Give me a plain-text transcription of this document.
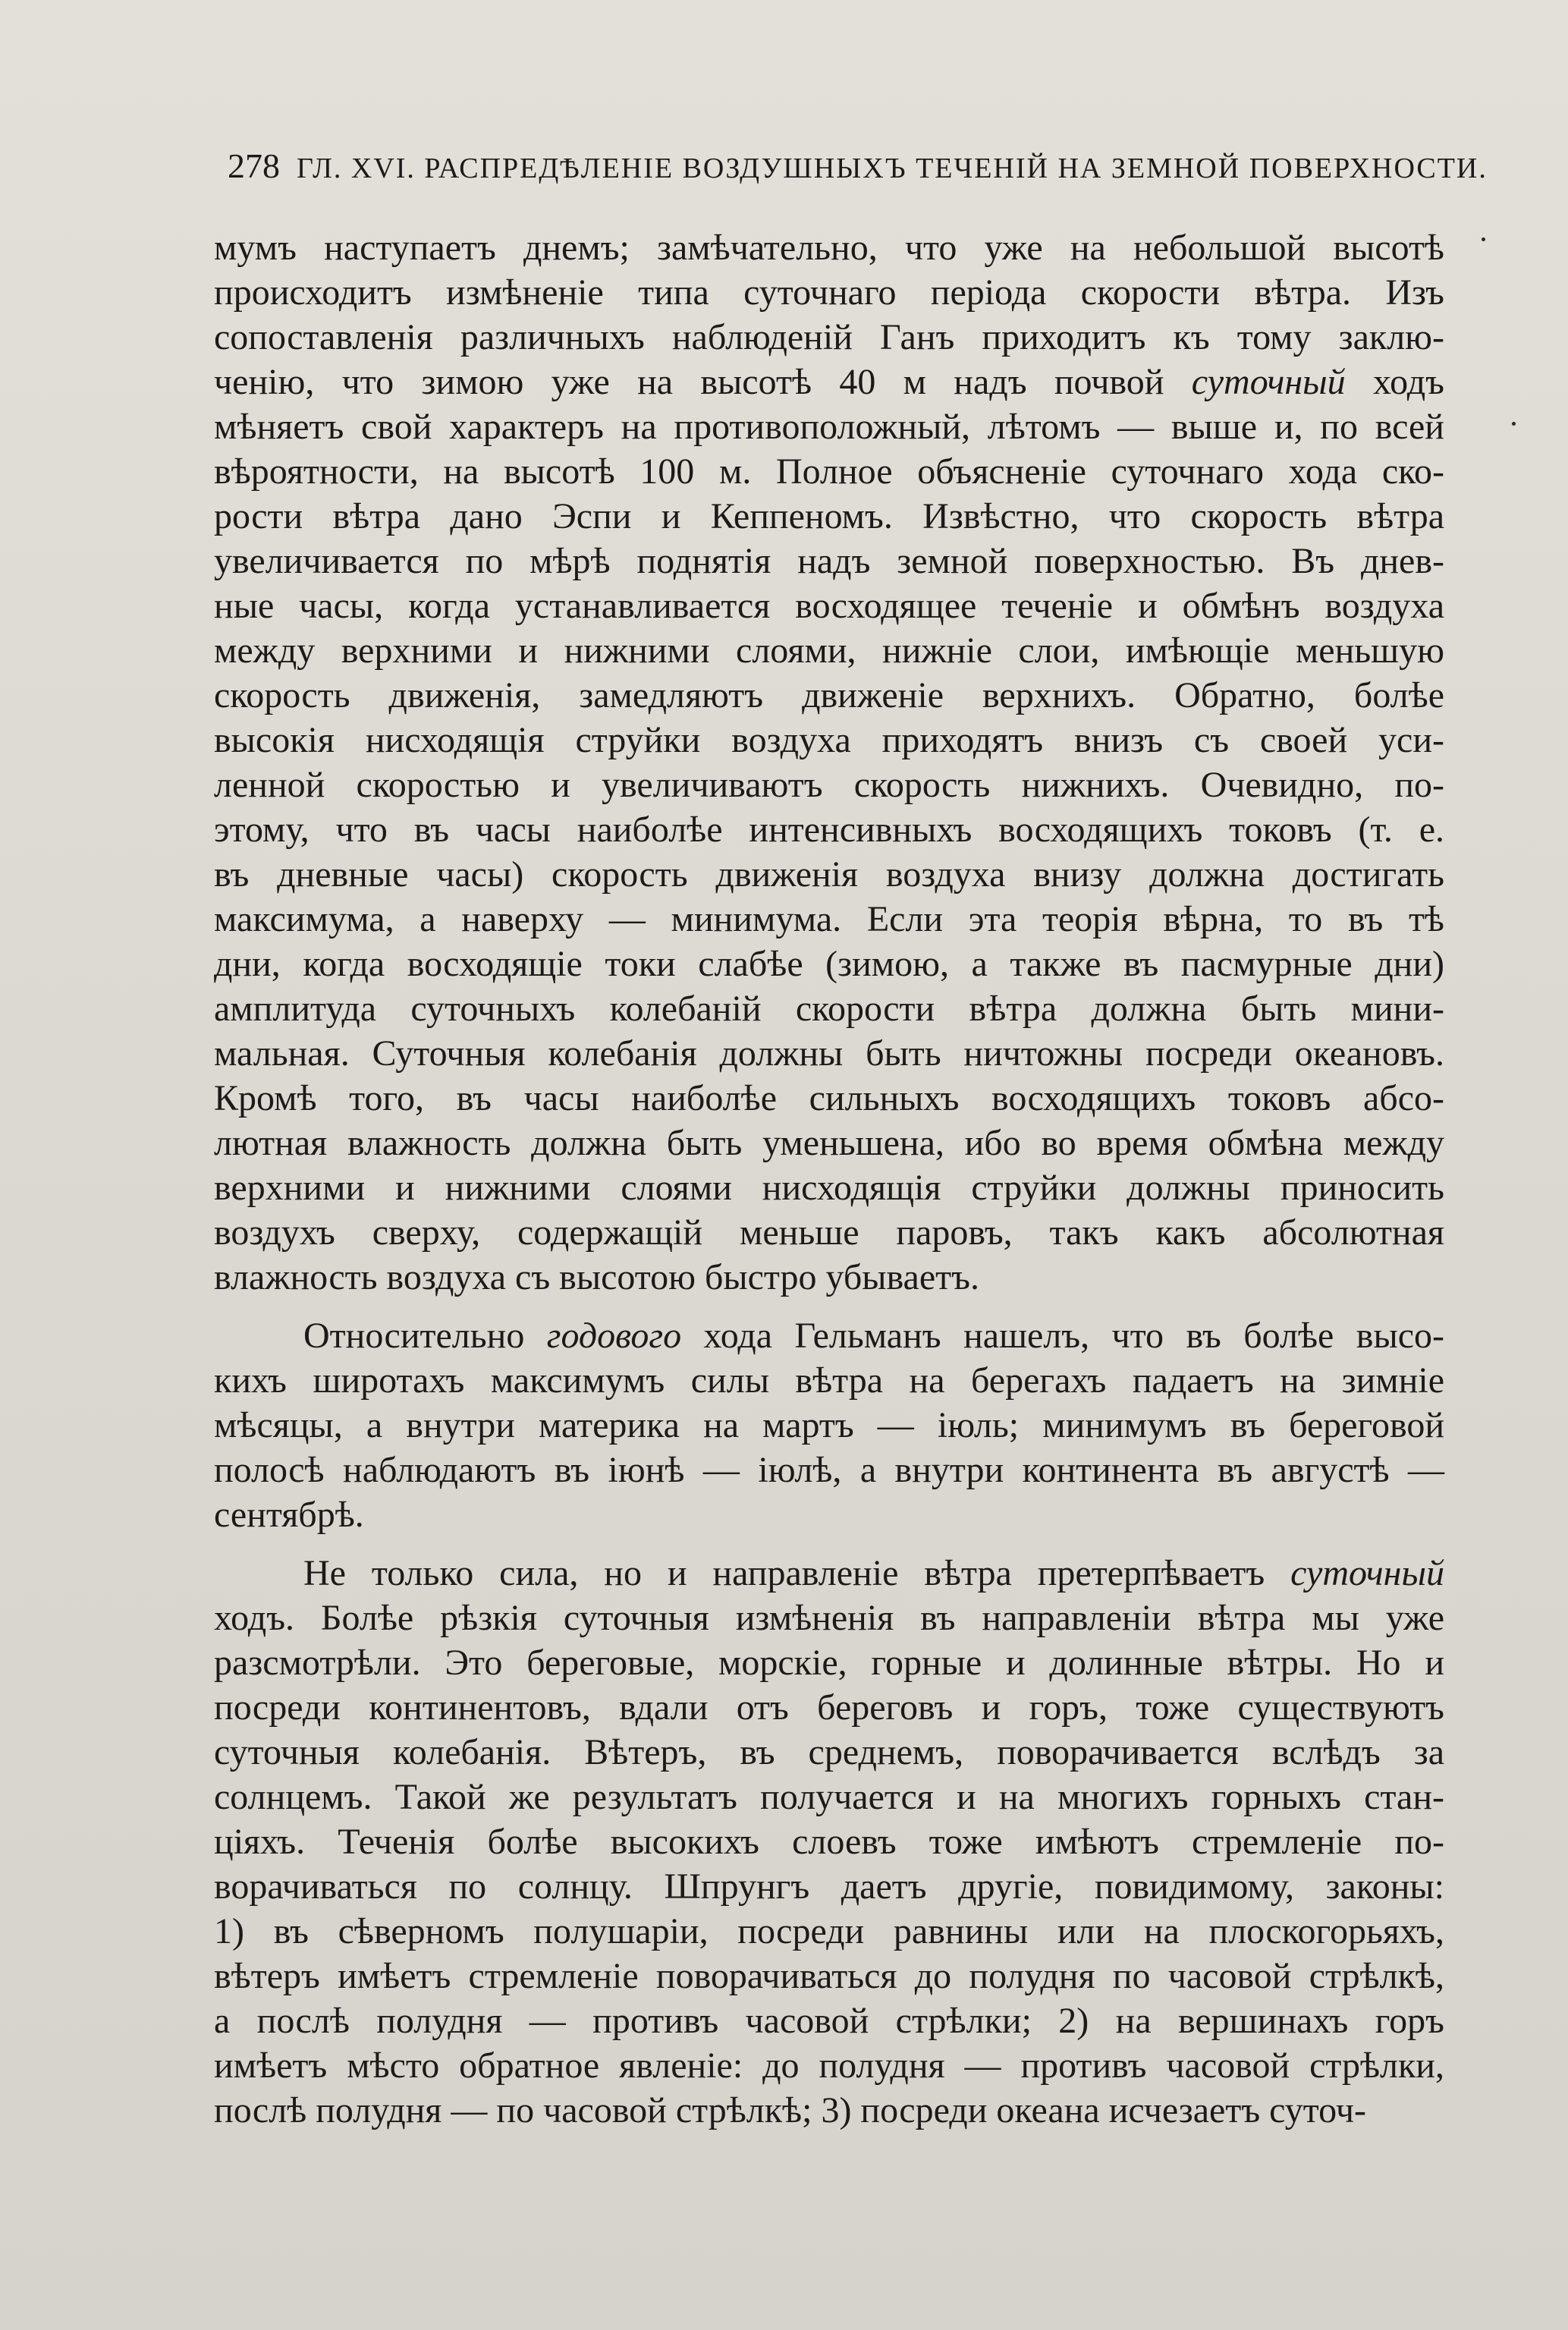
278 ГЛ. XVI. РАСПРЕДѢЛЕНІЕ ВОЗДУШНЫХЪ ТЕЧЕНІЙ НА ЗЕМНОЙ ПОВЕРХНОСТИ.
мумъ наступаетъ днемъ; замѣчательно, что уже на небольшой высотѣ
происходитъ измѣненіе типа суточнаго періода скорости вѣтра. Изъ
сопоставленія различныхъ наблюденій Ганъ приходитъ къ тому заклю-
ченію, что зимою уже на высотѣ 40 м надъ почвой суточный ходъ
мѣняетъ свой характеръ на противоположный, лѣтомъ — выше и, по всей
вѣроятности, на высотѣ 100 м. Полное объясненіе суточнаго хода ско-
рости вѣтра дано Эспи и Кеппеномъ. Извѣстно, что скорость вѣтра
увеличивается по мѣрѣ поднятія надъ земной поверхностью. Въ днев-
ные часы, когда устанавливается восходящее теченіе и обмѣнъ воздуха
между верхними и нижними слоями, нижніе слои, имѣющіе меньшую
скорость движенія, замедляютъ движеніе верхнихъ. Обратно, болѣе
высокія нисходящія струйки воздуха приходятъ внизъ съ своей уси-
ленной скоростью и увеличиваютъ скорость нижнихъ. Очевидно, по-
этому, что въ часы наиболѣе интенсивныхъ восходящихъ токовъ (т. е.
въ дневные часы) скорость движенія воздуха внизу должна достигать
максимума, а наверху — минимума. Если эта теорія вѣрна, то въ тѣ
дни, когда восходящіе токи слабѣе (зимою, а также въ пасмурные дни)
амплитуда суточныхъ колебаній скорости вѣтра должна быть мини-
мальная. Суточныя колебанія должны быть ничтожны посреди океановъ.
Кромѣ того, въ часы наиболѣе сильныхъ восходящихъ токовъ абсо-
лютная влажность должна быть уменьшена, ибо во время обмѣна между
верхними и нижними слоями нисходящія струйки должны приносить
воздухъ сверху, содержащій меньше паровъ, такъ какъ абсолютная
влажность воздуха съ высотою быстро убываетъ.
Относительно годового хода Гельманъ нашелъ, что въ болѣе высо-
кихъ широтахъ максимумъ силы вѣтра на берегахъ падаетъ на зимніе
мѣсяцы, а внутри материка на мартъ — іюль; минимумъ въ береговой
полосѣ наблюдаютъ въ іюнѣ — іюлѣ, а внутри континента въ августѣ —
сентябрѣ.
Не только сила, но и направленіе вѣтра претерпѣваетъ суточный
ходъ. Болѣе рѣзкія суточныя измѣненія въ направленіи вѣтра мы уже
разсмотрѣли. Это береговые, морскіе, горные и долинные вѣтры. Но и
посреди континентовъ, вдали отъ береговъ и горъ, тоже существуютъ
суточныя колебанія. Вѣтеръ, въ среднемъ, поворачивается вслѣдъ за
солнцемъ. Такой же результатъ получается и на многихъ горныхъ стан-
ціяхъ. Теченія болѣе высокихъ слоевъ тоже имѣютъ стремленіе по-
ворачиваться по солнцу. Шпрунгъ даетъ другіе, повидимому, законы:
1) въ сѣверномъ полушаріи, посреди равнины или на плоскогорьяхъ,
вѣтеръ имѣетъ стремленіе поворачиваться до полудня по часовой стрѣлкѣ,
а послѣ полудня — противъ часовой стрѣлки; 2) на вершинахъ горъ
имѣетъ мѣсто обратное явленіе: до полудня — противъ часовой стрѣлки,
послѣ полудня — по часовой стрѣлкѣ; 3) посреди океана исчезаетъ суточ-
